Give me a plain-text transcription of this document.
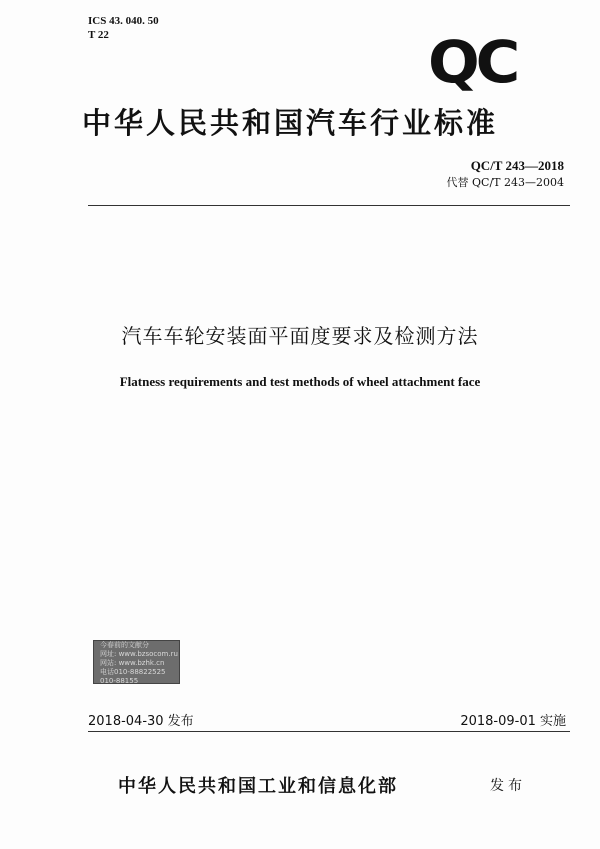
ICS 43. 040. 50
T 22	QC
中华人民共和国汽车行业标准
QC/T 243—2018
代替 QC/T 243—2004
汽车车轮安装面平面度要求及检测方法
Flatness requirements and test methods of wheel attachment face
今春前的文献分
网址: www.bzsocom.ru
网站: www.bzhk.cn
电话010-88822525
010-88155
2018-04-30 发布	2018-09-01 实施
中华人民共和国工业和信息化部	发布
